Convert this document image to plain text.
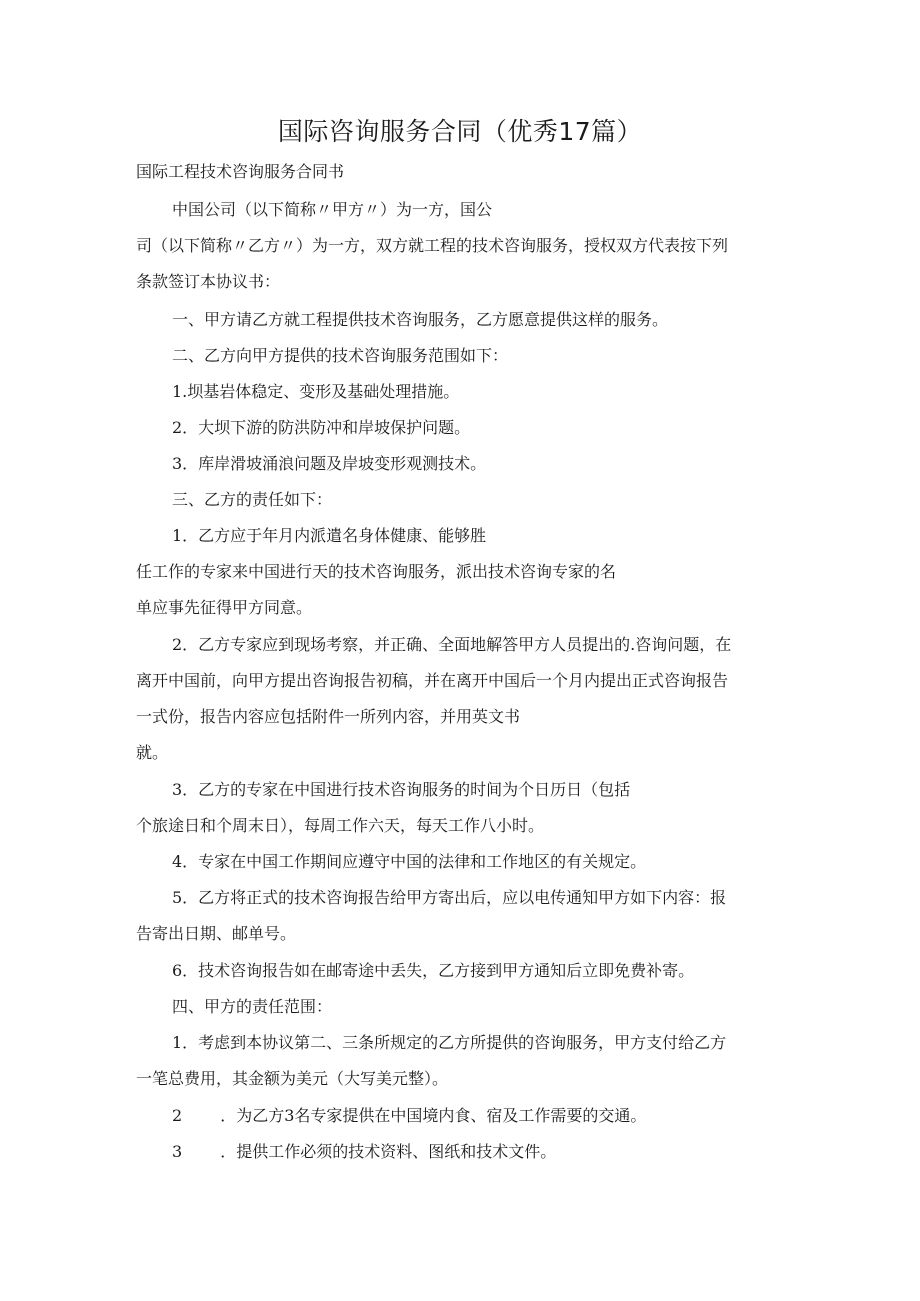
国际咨询服务合同（优秀17篇）

国际工程技术咨询服务合同书

中国公司（以下简称〃甲方〃）为一方，国公

司（以下简称〃乙方〃）为一方，双方就工程的技术咨询服务，授权双方代表按下列

条款签订本协议书：

一、甲方请乙方就工程提供技术咨询服务，乙方愿意提供这样的服务。

二、乙方向甲方提供的技术咨询服务范围如下：

1.坝基岩体稳定、变形及基础处理措施。

2．大坝下游的防洪防冲和岸坡保护问题。

3．库岸滑坡涌浪问题及岸坡变形观测技术。

三、乙方的责任如下：

1．乙方应于年月内派遣名身体健康、能够胜

任工作的专家来中国进行天的技术咨询服务，派出技术咨询专家的名

单应事先征得甲方同意。

2．乙方专家应到现场考察，并正确、全面地解答甲方人员提出的.咨询问题，在

离开中国前，向甲方提出咨询报告初稿，并在离开中国后一个月内提出正式咨询报告

一式份，报告内容应包括附件一所列内容，并用英文书

就。

3．乙方的专家在中国进行技术咨询服务的时间为个日历日（包括

个旅途日和个周末日），每周工作六天，每天工作八小时。

4．专家在中国工作期间应遵守中国的法律和工作地区的有关规定。

5．乙方将正式的技术咨询报告给甲方寄出后，应以电传通知甲方如下内容：报

告寄出日期、邮单号。

6．技术咨询报告如在邮寄途中丢失，乙方接到甲方通知后立即免费补寄。

四、甲方的责任范围：

1．考虑到本协议第二、三条所规定的乙方所提供的咨询服务，甲方支付给乙方

一笔总费用，其金额为美元（大写美元整）。

2 ．为乙方3名专家提供在中国境内食、宿及工作需要的交通。

3 ．提供工作必须的技术资料、图纸和技术文件。
